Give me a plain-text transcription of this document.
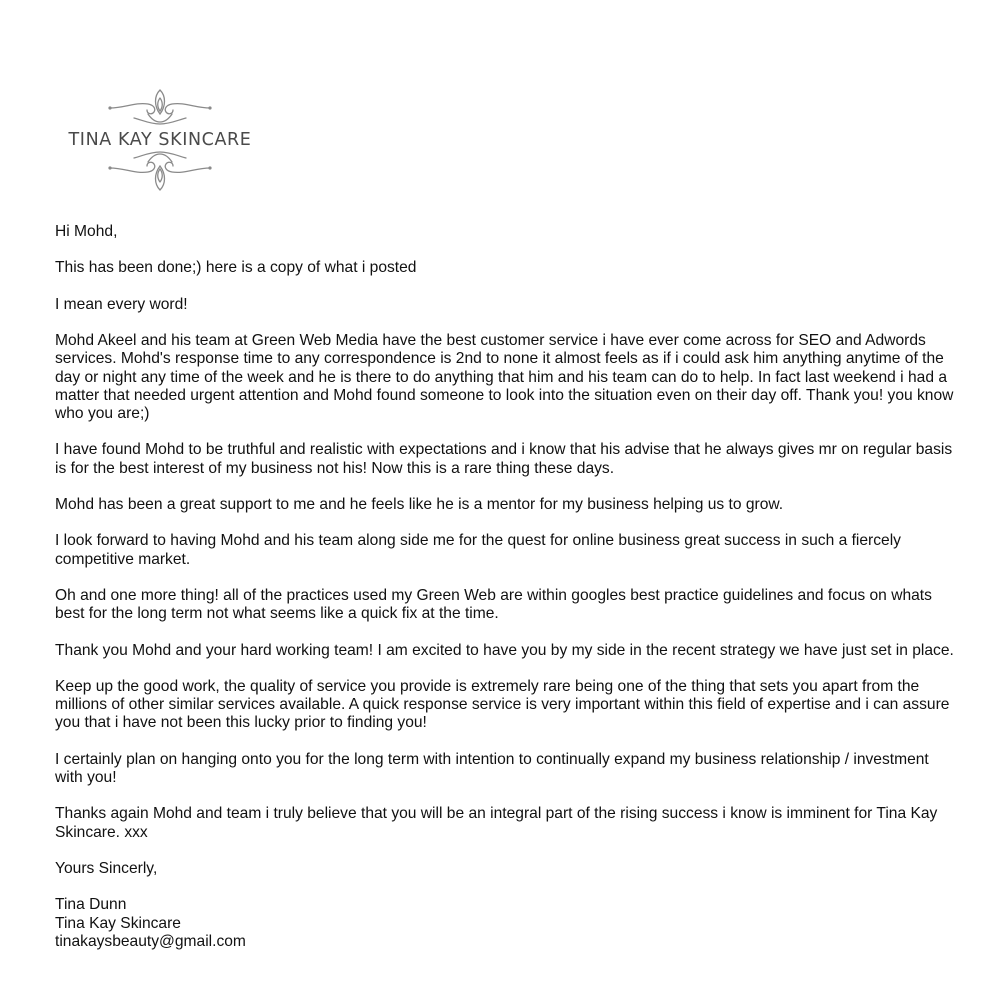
TINA KAY SKINCARE

Hi Mohd,

This has been done;) here is a copy of what i posted

I mean every word!

Mohd Akeel and his team at Green Web Media have the best customer service i have ever come across for SEO and Adwords services. Mohd's response time to any correspondence is 2nd to none it almost feels as if i could ask him anything anytime of the day or night any time of the week and he is there to do anything that him and his team can do to help. In fact last weekend i had a matter that needed urgent attention and Mohd found someone to look into the situation even on their day off. Thank you! you know who you are;)

I have found Mohd to be truthful and realistic with expectations and i know that his advise that he always gives mr on regular basis is for the best interest of my business not his! Now this is a rare thing these days.

Mohd has been a great support to me and he feels like he is a mentor for my business helping us to grow.

I look forward to having Mohd and his team along side me for the quest for online business great success in such a fiercely competitive market.

Oh and one more thing! all of the practices used my Green Web are within googles best practice guidelines and focus on whats best for the long term not what seems like a quick fix at the time.

Thank you Mohd and your hard working team! I am excited to have you by my side in the recent strategy we have just set in place.

Keep up the good work, the quality of service you provide is extremely rare being one of the thing that sets you apart from the millions of other similar services available. A quick response service is very important within this field of expertise and i can assure you that i have not been this lucky prior to finding you!

I certainly plan on hanging onto you for the long term with intention to continually expand my business relationship / investment with you!

Thanks again Mohd and team i truly believe that you will be an integral part of the rising success i know is imminent for Tina Kay Skincare. xxx

Yours Sincerly,

Tina Dunn
Tina Kay Skincare
tinakaysbeauty@gmail.com
